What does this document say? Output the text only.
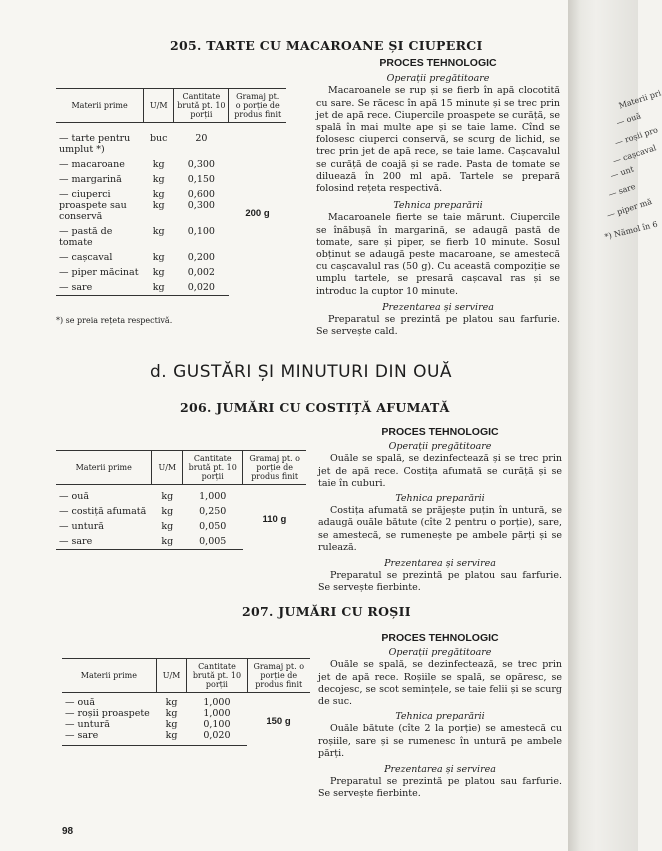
Materii pri
— ouă
— roșii pro
— cașcaval
— unt
— sare
— piper mă
*) Nămol în 6
205. TARTE CU MACAROANE ȘI CIUPERCI
Materii prime	U/M	Cantitate brută pt. 10 porții	Gramaj pt. o porție de produs finit

— tarte pentru umplut *)	buc	20	200 g
— macaroane	kg	0,300	
— margarină	kg	0,150	
— ciuperci proaspete sau conservă	kg kg	0,600 0,300	
— pastă de tomate	kg	0,100	
— cașcaval	kg	0,200	
— piper măcinat	kg	0,002	
— sare	kg	0,020	
*) se preia rețeta respectivă.
PROCES TEHNOLOGIC
Operații pregătitoare

Macaroanele se rup și se fierb în apă clocotită cu sare. Se răcesc în apă 15 minute și se trec prin jet de apă rece. Ciupercile proaspete se curăță, se spală în mai multe ape și se taie lame. Cînd se folosesc ciuperci conservă, se scurg de lichid, se trec prin jet de apă rece, se taie lame. Cașcavalul se curăță de coajă și se rade. Pasta de tomate se diluează în 200 ml apă. Tartele se prepară folosind rețeta respectivă.

Tehnica preparării

Macaroanele fierte se taie mărunt. Ciupercile se înăbușă în margarină, se adaugă pastă de tomate, sare și piper, se fierb 10 minute. Sosul obținut se adaugă peste macaroane, se amestecă cu cașcavalul ras (50 g). Cu această compoziție se umplu tartele, se presară cașcaval ras și se introduc la cuptor 10 minute.

Prezentarea și servirea

Preparatul se prezintă pe platou sau farfurie. Se servește cald.

d. GUSTĂRI ȘI MINUTURI DIN OUĂ
206. JUMĂRI CU COSTIȚĂ AFUMATĂ
Materii prime	U/M	Cantitate brută pt. 10 porții	Gramaj pt. o porție de produs finit

— ouă	kg	1,000	110 g
— costiță afumată	kg	0,250	
— untură	kg	0,050	
— sare	kg	0,005	
PROCES TEHNOLOGIC
Operații pregătitoare

Ouăle se spală, se dezinfectează și se trec prin jet de apă rece. Costița afumată se curăță și se taie în cuburi.

Tehnica preparării

Costița afumată se prăjește puțin în untură, se adaugă ouăle bătute (cîte 2 pentru o porție), sare, se amestecă, se rumenește pe ambele părți și se rulează.

Prezentarea și servirea

Preparatul se prezintă pe platou sau farfurie. Se servește fierbinte.

207. JUMĂRI CU ROȘII
Materii prime	U/M	Cantitate brută pt. 10 porții	Gramaj pt. o porție de produs finit

— ouă	kg	1,000	150 g
— roșii proaspete	kg	1,000	
— untură	kg	0,100	
— sare	kg	0,020	
PROCES TEHNOLOGIC
Operații pregătitoare

Ouăle se spală, se dezinfectează, se trec prin jet de apă rece. Roșiile se spală, se opăresc, se decojesc, se scot semințele, se taie felii și se scurg de suc.

Tehnica preparării

Ouăle bătute (cîte 2 la porție) se amestecă cu roșiile, sare și se rumenesc în untură pe ambele părți.

Prezentarea și servirea

Preparatul se prezintă pe platou sau farfurie. Se servește fierbinte.

98
